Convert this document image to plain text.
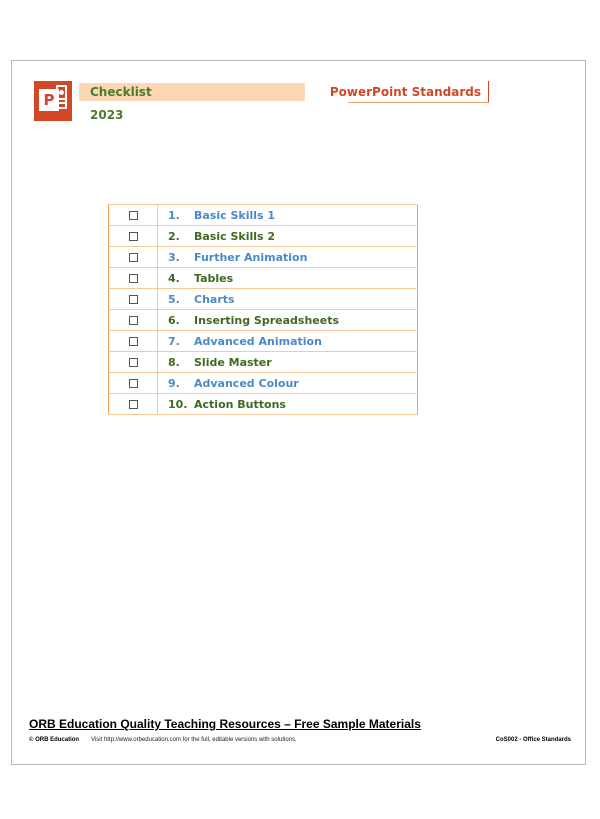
P	Checklist
2023
PowerPoint Standards
	1.	Basic Skills 1
	2.	Basic Skills 2
	3.	Further Animation
	4.	Tables
	5.	Charts
	6.	Inserting Spreadsheets
	7.	Advanced Animation
	8.	Slide Master
	9.	Advanced Colour
	10.	Action Buttons
ORB Education Quality Teaching Resources – Free Sample Materials
© ORB Education Visit http://www.orbeducation.com for the full, editable versions with solutions.	CoS002 - Office Standards
